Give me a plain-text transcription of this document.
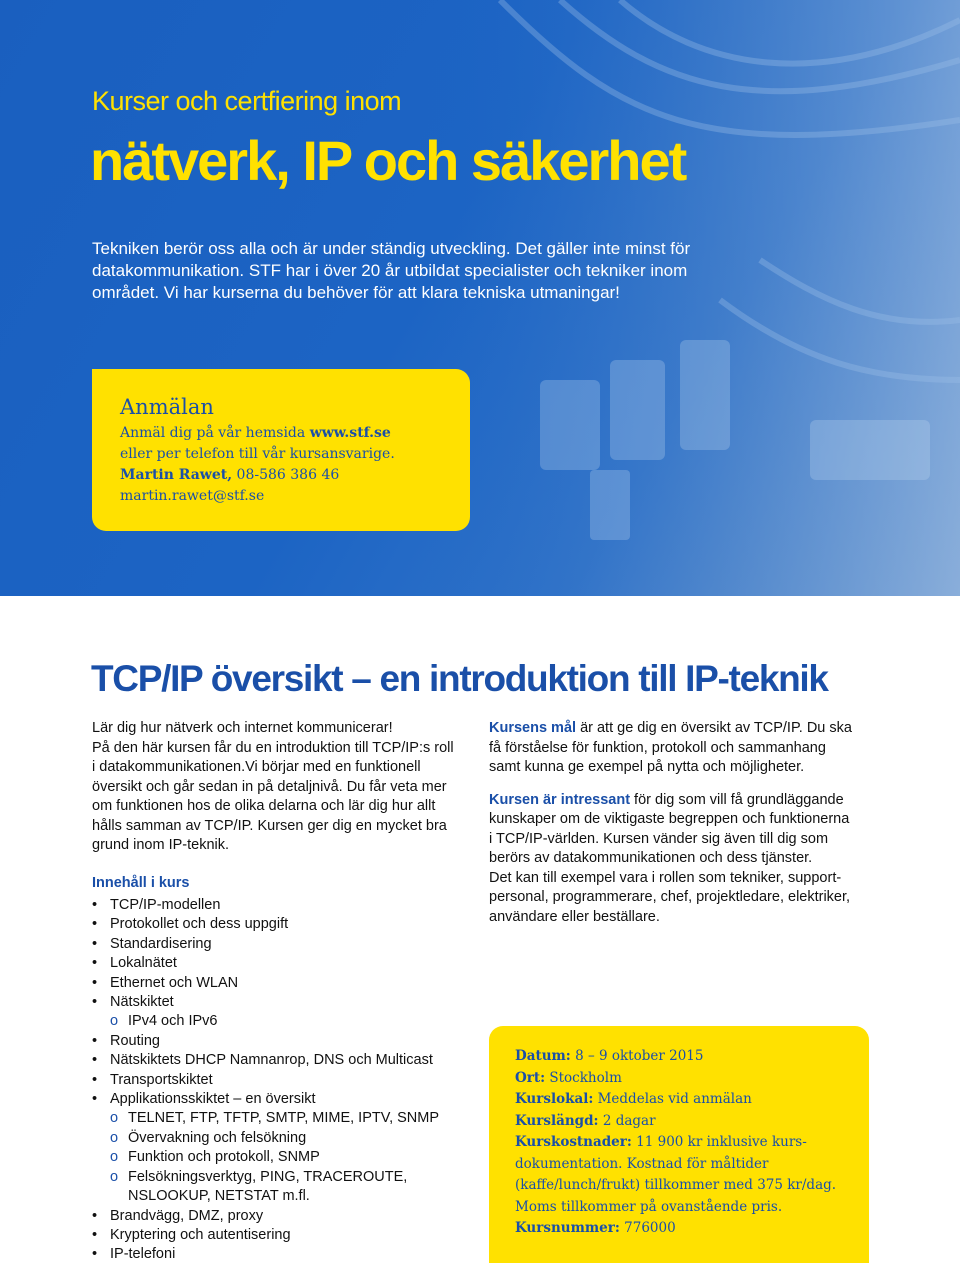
Kurser och certfiering inom
nätverk, IP och säkerhet
Tekniken berör oss alla och är under ständig utveckling. Det gäller inte minst för
datakommunikation. STF har i över 20 år utbildat specialister och tekniker inom
området. Vi har kurserna du behöver för att klara tekniska utmaningar!
Anmälan
Anmäl dig på vår hemsida www.stf.se
eller per telefon till vår kursansvarige.
Martin Rawet, 08-586 386 46
martin.rawet@stf.se
TCP/IP översikt – en introduktion till IP-teknik

Lär dig hur nätverk och internet kommunicerar!

På den här kursen får du en introduktion till TCP/IP:s roll

i datakommunikationen.Vi börjar med en funktionell

översikt och går sedan in på detaljnivå. Du får veta mer

om funktionen hos de olika delarna och lär dig hur allt

hålls samman av TCP/IP. Kursen ger dig en mycket bra

grund inom IP-teknik.

Innehåll i kurs
• TCP/IP-modellen
• Protokollet och dess uppgift
• Standardisering
• Lokalnätet
• Ethernet och WLAN
• Nätskiktet
o IPv4 och IPv6
• Routing
• Nätskiktets DHCP Namnanrop, DNS och Multicast
• Transportskiktet
• Applikationsskiktet – en översikt
o TELNET, FTP, TFTP, SMTP, MIME, IPTV, SNMP
o Övervakning och felsökning
o Funktion och protokoll, SNMP
o Felsökningsverktyg, PING, TRACEROUTE,
NSLOOKUP, NETSTAT m.fl.
• Brandvägg, DMZ, proxy
• Kryptering och autentisering
• IP-telefoni

Kursens mål är att ge dig en översikt av TCP/IP. Du ska

få förståelse för funktion, protokoll och sammanhang

samt kunna ge exempel på nytta och möjligheter.

Kursen är intressant för dig som vill få grundläggande

kunskaper om de viktigaste begreppen och funktionerna

i TCP/IP-världen. Kursen vänder sig även till dig som

berörs av datakommunikationen och dess tjänster.

Det kan till exempel vara i rollen som tekniker, support-

personal, programmerare, chef, projektledare, elektriker,

användare eller beställare.

Datum: 8 – 9 oktober 2015
Ort: Stockholm
Kurslokal: Meddelas vid anmälan
Kurslängd: 2 dagar
Kurskostnader: 11 900 kr inklusive kurs-
dokumentation. Kostnad för måltider
(kaffe/lunch/frukt) tillkommer med 375 kr/dag.
Moms tillkommer på ovanstående pris.
Kursnummer: 776000
